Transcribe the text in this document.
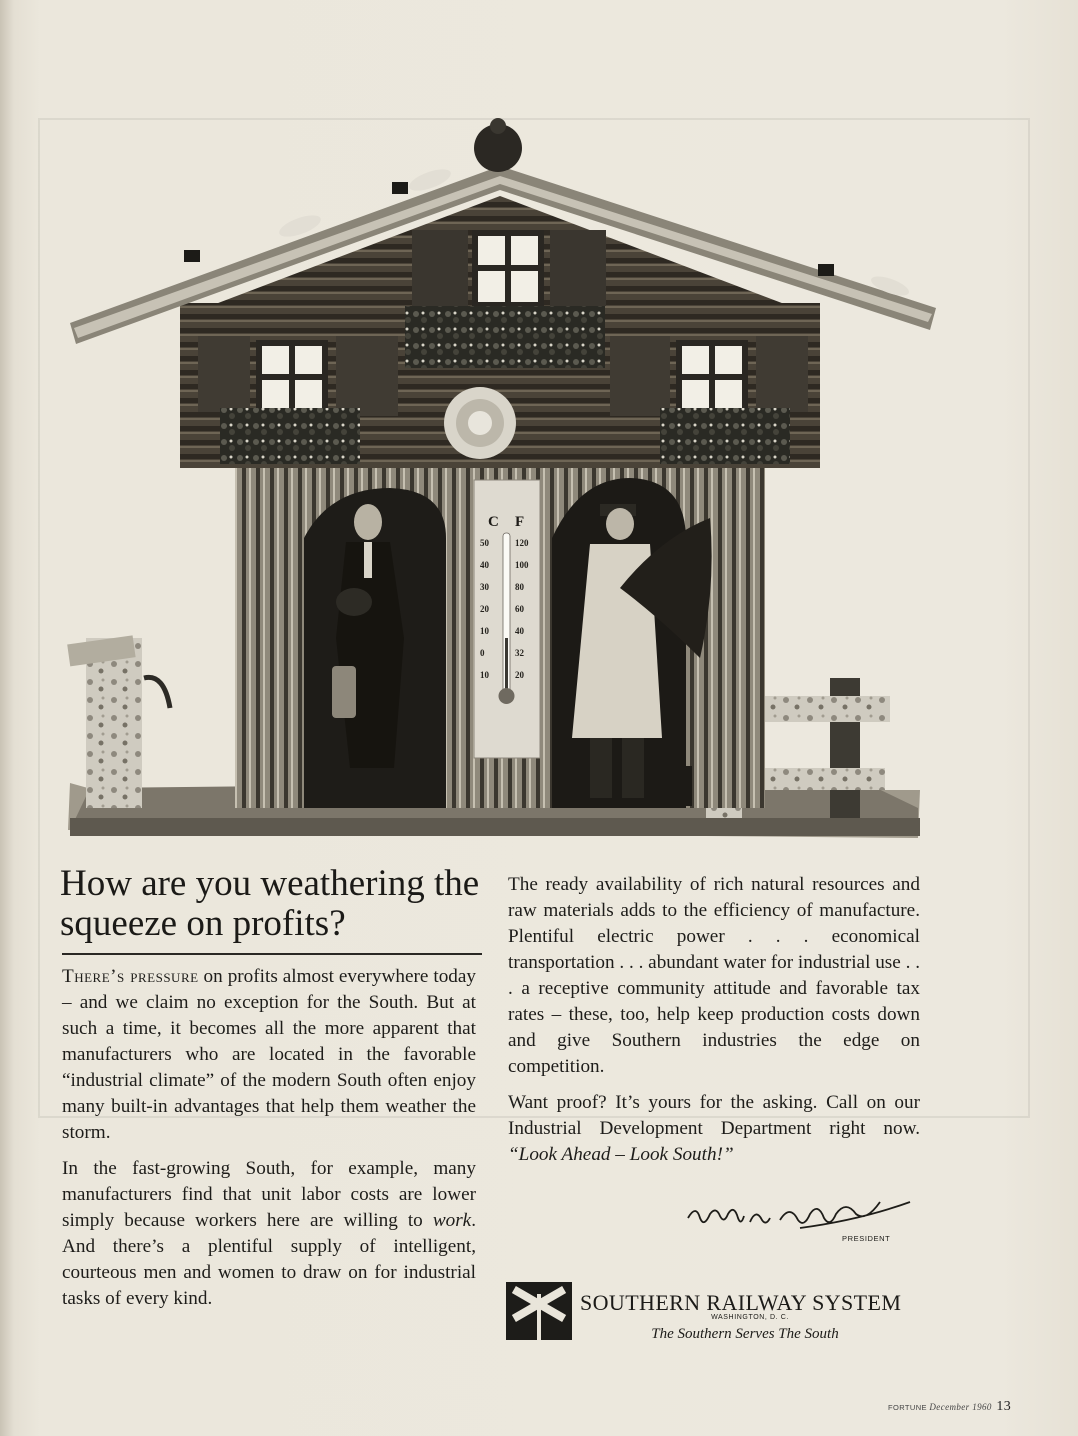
C F
50
40
30
20
10
0
10
120
100
80
60
40
32
20
How are you weathering the squeeze on profits?

There’s pressure on profits almost everywhere today – and we claim no exception for the South. But at such a time, it becomes all the more apparent that manufacturers who are located in the favorable “industrial climate” of the modern South often enjoy many built-in advantages that help them weather the storm.

In the fast-growing South, for example, many manufacturers find that unit labor costs are lower simply because workers here are willing to work. And there’s a plentiful supply of intelligent, courteous men and women to draw on for industrial tasks of every kind.

The ready availability of rich natural resources and raw materials adds to the efficiency of manufacture. Plentiful electric power . . . economical transportation . . . abundant water for industrial use . . . a receptive community attitude and favorable tax rates – these, too, help keep production costs down and give Southern industries the edge on competition.

Want proof? It’s yours for the asking. Call on our Industrial Development Department right now. “Look Ahead – Look South!”

PRESIDENT
SOUTHERN RAILWAY SYSTEM
WASHINGTON, D. C.
The Southern Serves The South
FORTUNE December 1960 13
